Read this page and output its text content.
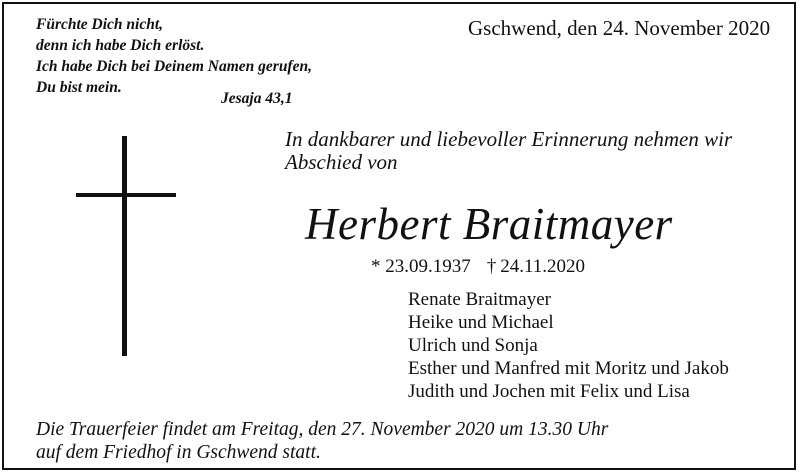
Fürchte Dich nicht,
denn ich habe Dich erlöst.
Ich habe Dich bei Deinem Namen gerufen,
Du bist mein.
Jesaja 43,1
Gschwend, den 24. November 2020
In dankbarer und liebevoller Erinnerung nehmen wir
Abschied von
Herbert Braitmayer
* 23.09.1937 † 24.11.2020
Renate Braitmayer
Heike und Michael
Ulrich und Sonja
Esther und Manfred mit Moritz und Jakob
Judith und Jochen mit Felix und Lisa
Die Trauerfeier findet am Freitag, den 27. November 2020 um 13.30 Uhr
auf dem Friedhof in Gschwend statt.
